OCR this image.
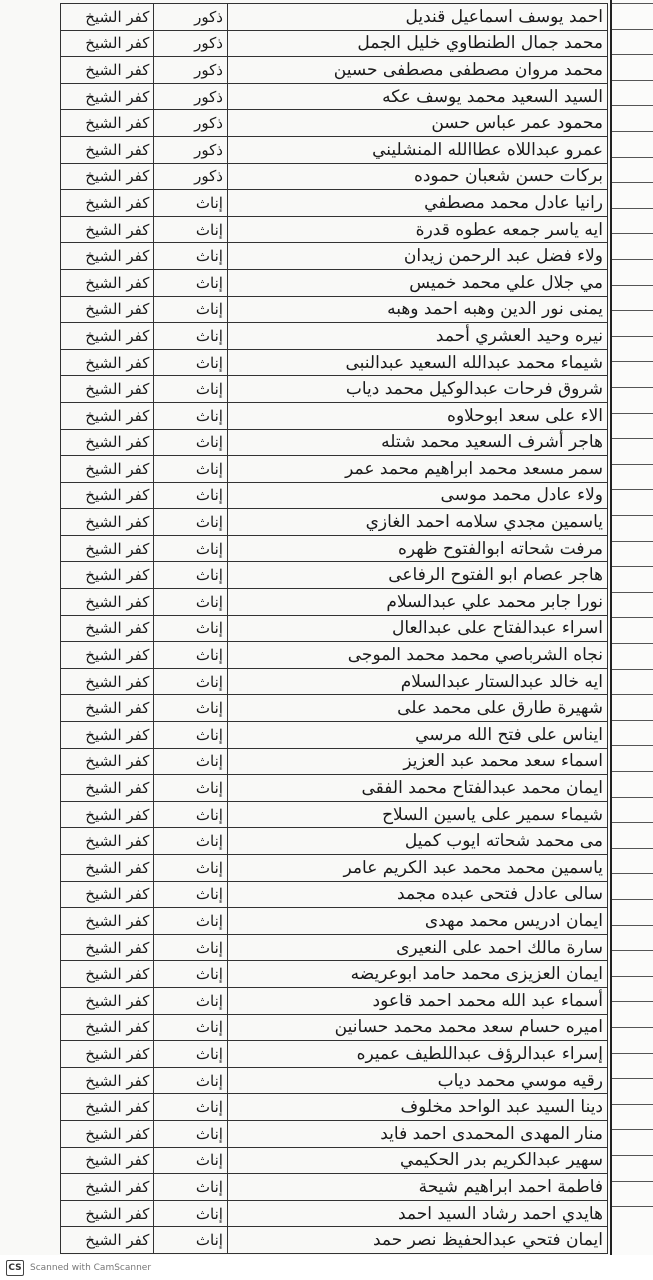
احمد يوسف اسماعيل قنديل	ذكور	كفر الشيخ
محمد جمال الطنطاوي خليل الجمل	ذكور	كفر الشيخ
محمد مروان مصطفى مصطفى حسين	ذكور	كفر الشيخ
السيد السعيد محمد يوسف عكه	ذكور	كفر الشيخ
محمود عمر عباس حسن	ذكور	كفر الشيخ
عمرو عبداللاه عطاالله المنشليني	ذكور	كفر الشيخ
بركات حسن شعبان حموده	ذكور	كفر الشيخ
رانيا عادل محمد مصطفي	إناث	كفر الشيخ
ايه ياسر جمعه عطوه قدرة	إناث	كفر الشيخ
ولاء فضل عبد الرحمن زيدان	إناث	كفر الشيخ
مي جلال علي محمد خميس	إناث	كفر الشيخ
يمنى نور الدين وهبه احمد وهبه	إناث	كفر الشيخ
نيره وحيد العشري أحمد	إناث	كفر الشيخ
شيماء محمد عبدالله السعيد عبدالنبى	إناث	كفر الشيخ
شروق فرحات عبدالوكيل محمد دياب	إناث	كفر الشيخ
الاء على سعد ابوحلاوه	إناث	كفر الشيخ
هاجر أشرف السعيد محمد شتله	إناث	كفر الشيخ
سمر مسعد محمد ابراهيم محمد عمر	إناث	كفر الشيخ
ولاء عادل محمد موسى	إناث	كفر الشيخ
ياسمين مجدي سلامه احمد الغازي	إناث	كفر الشيخ
مرفت شحاته ابوالفتوح ظهره	إناث	كفر الشيخ
هاجر عصام ابو الفتوح الرفاعى	إناث	كفر الشيخ
نورا جابر محمد علي عبدالسلام	إناث	كفر الشيخ
اسراء عبدالفتاح على عبدالعال	إناث	كفر الشيخ
نجاه الشرباصي محمد محمد الموجى	إناث	كفر الشيخ
ايه خالد عبدالستار عبدالسلام	إناث	كفر الشيخ
شهيرة طارق على محمد على	إناث	كفر الشيخ
ايناس على فتح الله مرسي	إناث	كفر الشيخ
اسماء سعد محمد عبد العزيز	إناث	كفر الشيخ
ايمان محمد عبدالفتاح محمد الفقى	إناث	كفر الشيخ
شيماء سمير على ياسين السلاح	إناث	كفر الشيخ
مى محمد شحاته ايوب كميل	إناث	كفر الشيخ
ياسمين محمد محمد عبد الكريم عامر	إناث	كفر الشيخ
سالى عادل فتحى عبده مجمد	إناث	كفر الشيخ
ايمان ادريس محمد مهدى	إناث	كفر الشيخ
سارة مالك احمد على النعيرى	إناث	كفر الشيخ
ايمان العزيزى محمد حامد ابوعريضه	إناث	كفر الشيخ
أسماء عبد الله محمد احمد قاعود	إناث	كفر الشيخ
اميره حسام سعد محمد محمد حسانين	إناث	كفر الشيخ
إسراء عبدالرؤف عبداللطيف عميره	إناث	كفر الشيخ
رقيه موسي محمد دياب	إناث	كفر الشيخ
دينا السيد عبد الواحد مخلوف	إناث	كفر الشيخ
منار المهدى المحمدى احمد فايد	إناث	كفر الشيخ
سهير عبدالكريم بدر الحكيمي	إناث	كفر الشيخ
فاطمة احمد ابراهيم شيحة	إناث	كفر الشيخ
هايدي احمد رشاد السيد احمد	إناث	كفر الشيخ
ايمان فتحي عبدالحفيظ نصر حمد	إناث	كفر الشيخ
CS Scanned with CamScanner
